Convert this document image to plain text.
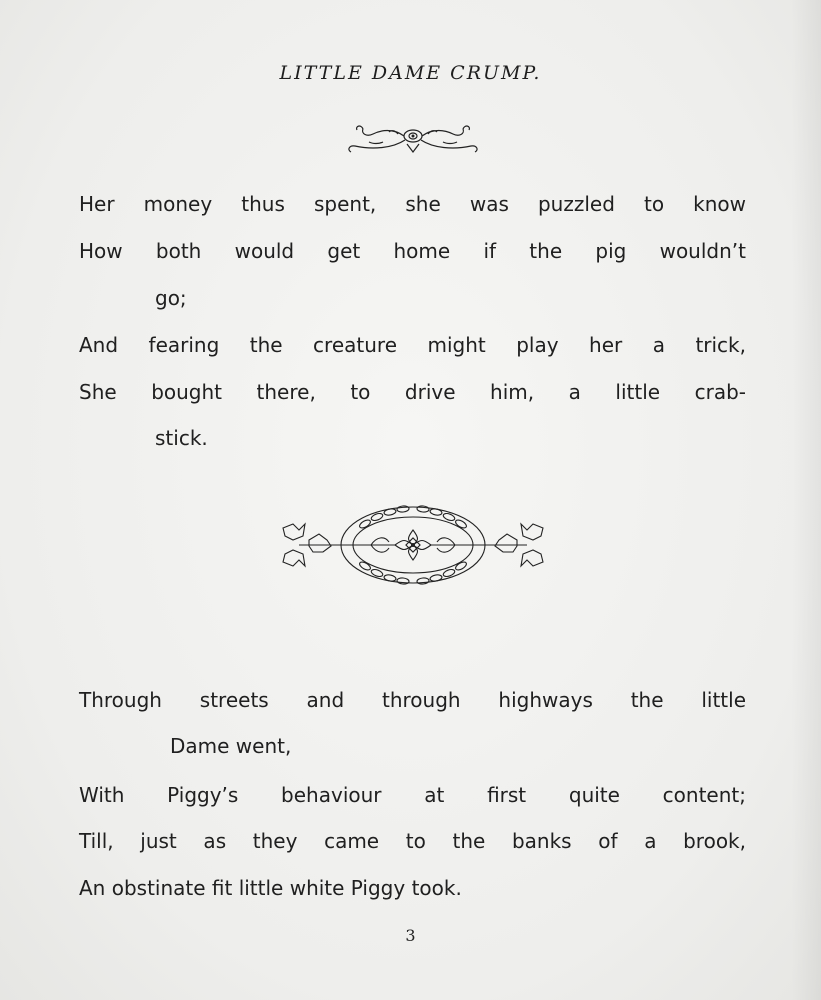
LITTLE DAME CRUMP.
Her money thus spent, she was puzzled to know
How both would get home if the pig wouldn’t
go;
And fearing the creature might play her a trick,
She bought there, to drive him, a little crab-
stick.
Through streets and through highways the little
Dame went,
With Piggy’s behaviour at first quite content;
Till, just as they came to the banks of a brook,
An obstinate fit little white Piggy took.
3
